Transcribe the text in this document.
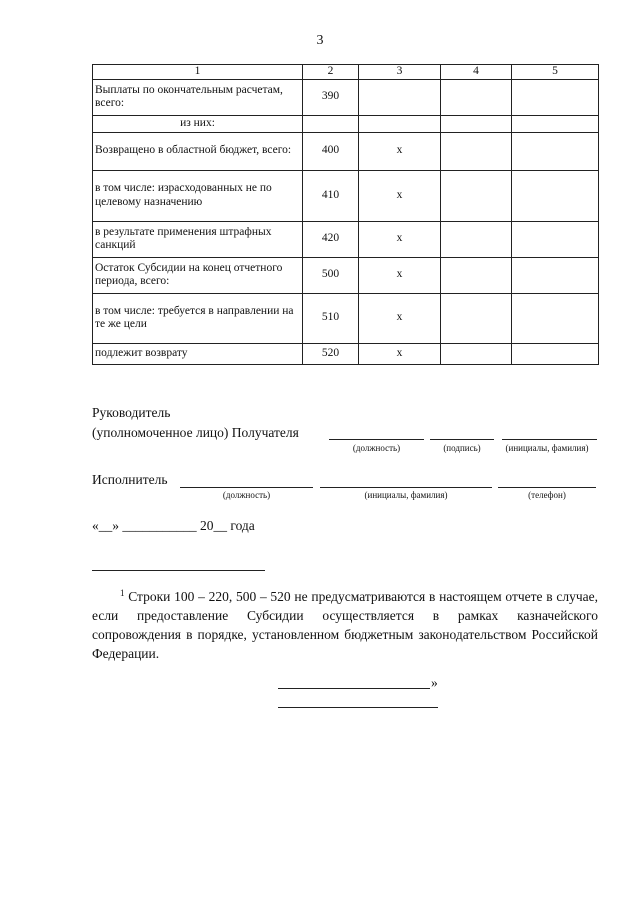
3
1	2	3	4	5
Выплаты по окончательным расчетам, всего:	390			
из них:				
Возвращено в областной бюджет, всего:	400	x		
в том числе: израсходованных не по целевому назначению	410	x		
в результате применения штрафных санкций	420	x		
Остаток Субсидии на конец отчетного периода, всего:	500	x		
в том числе: требуется в направлении на те же цели	510	x		
подлежит возврату	520	x		
Руководитель
(уполномоченное лицо) Получателя
(должность)	(подпись)	(инициалы, фамилия)
Исполнитель
(должность)	(инициалы, фамилия)	(телефон)
«__» ___________ 20__ года
$^1$ Строки 100 – 220, 500 – 520 не предусматриваются в настоящем отчете в случае, если предоставление Субсидии осуществляется в рамках казначейского сопровождения в порядке, установленном бюджетным законодательством Российской Федерации.
»
